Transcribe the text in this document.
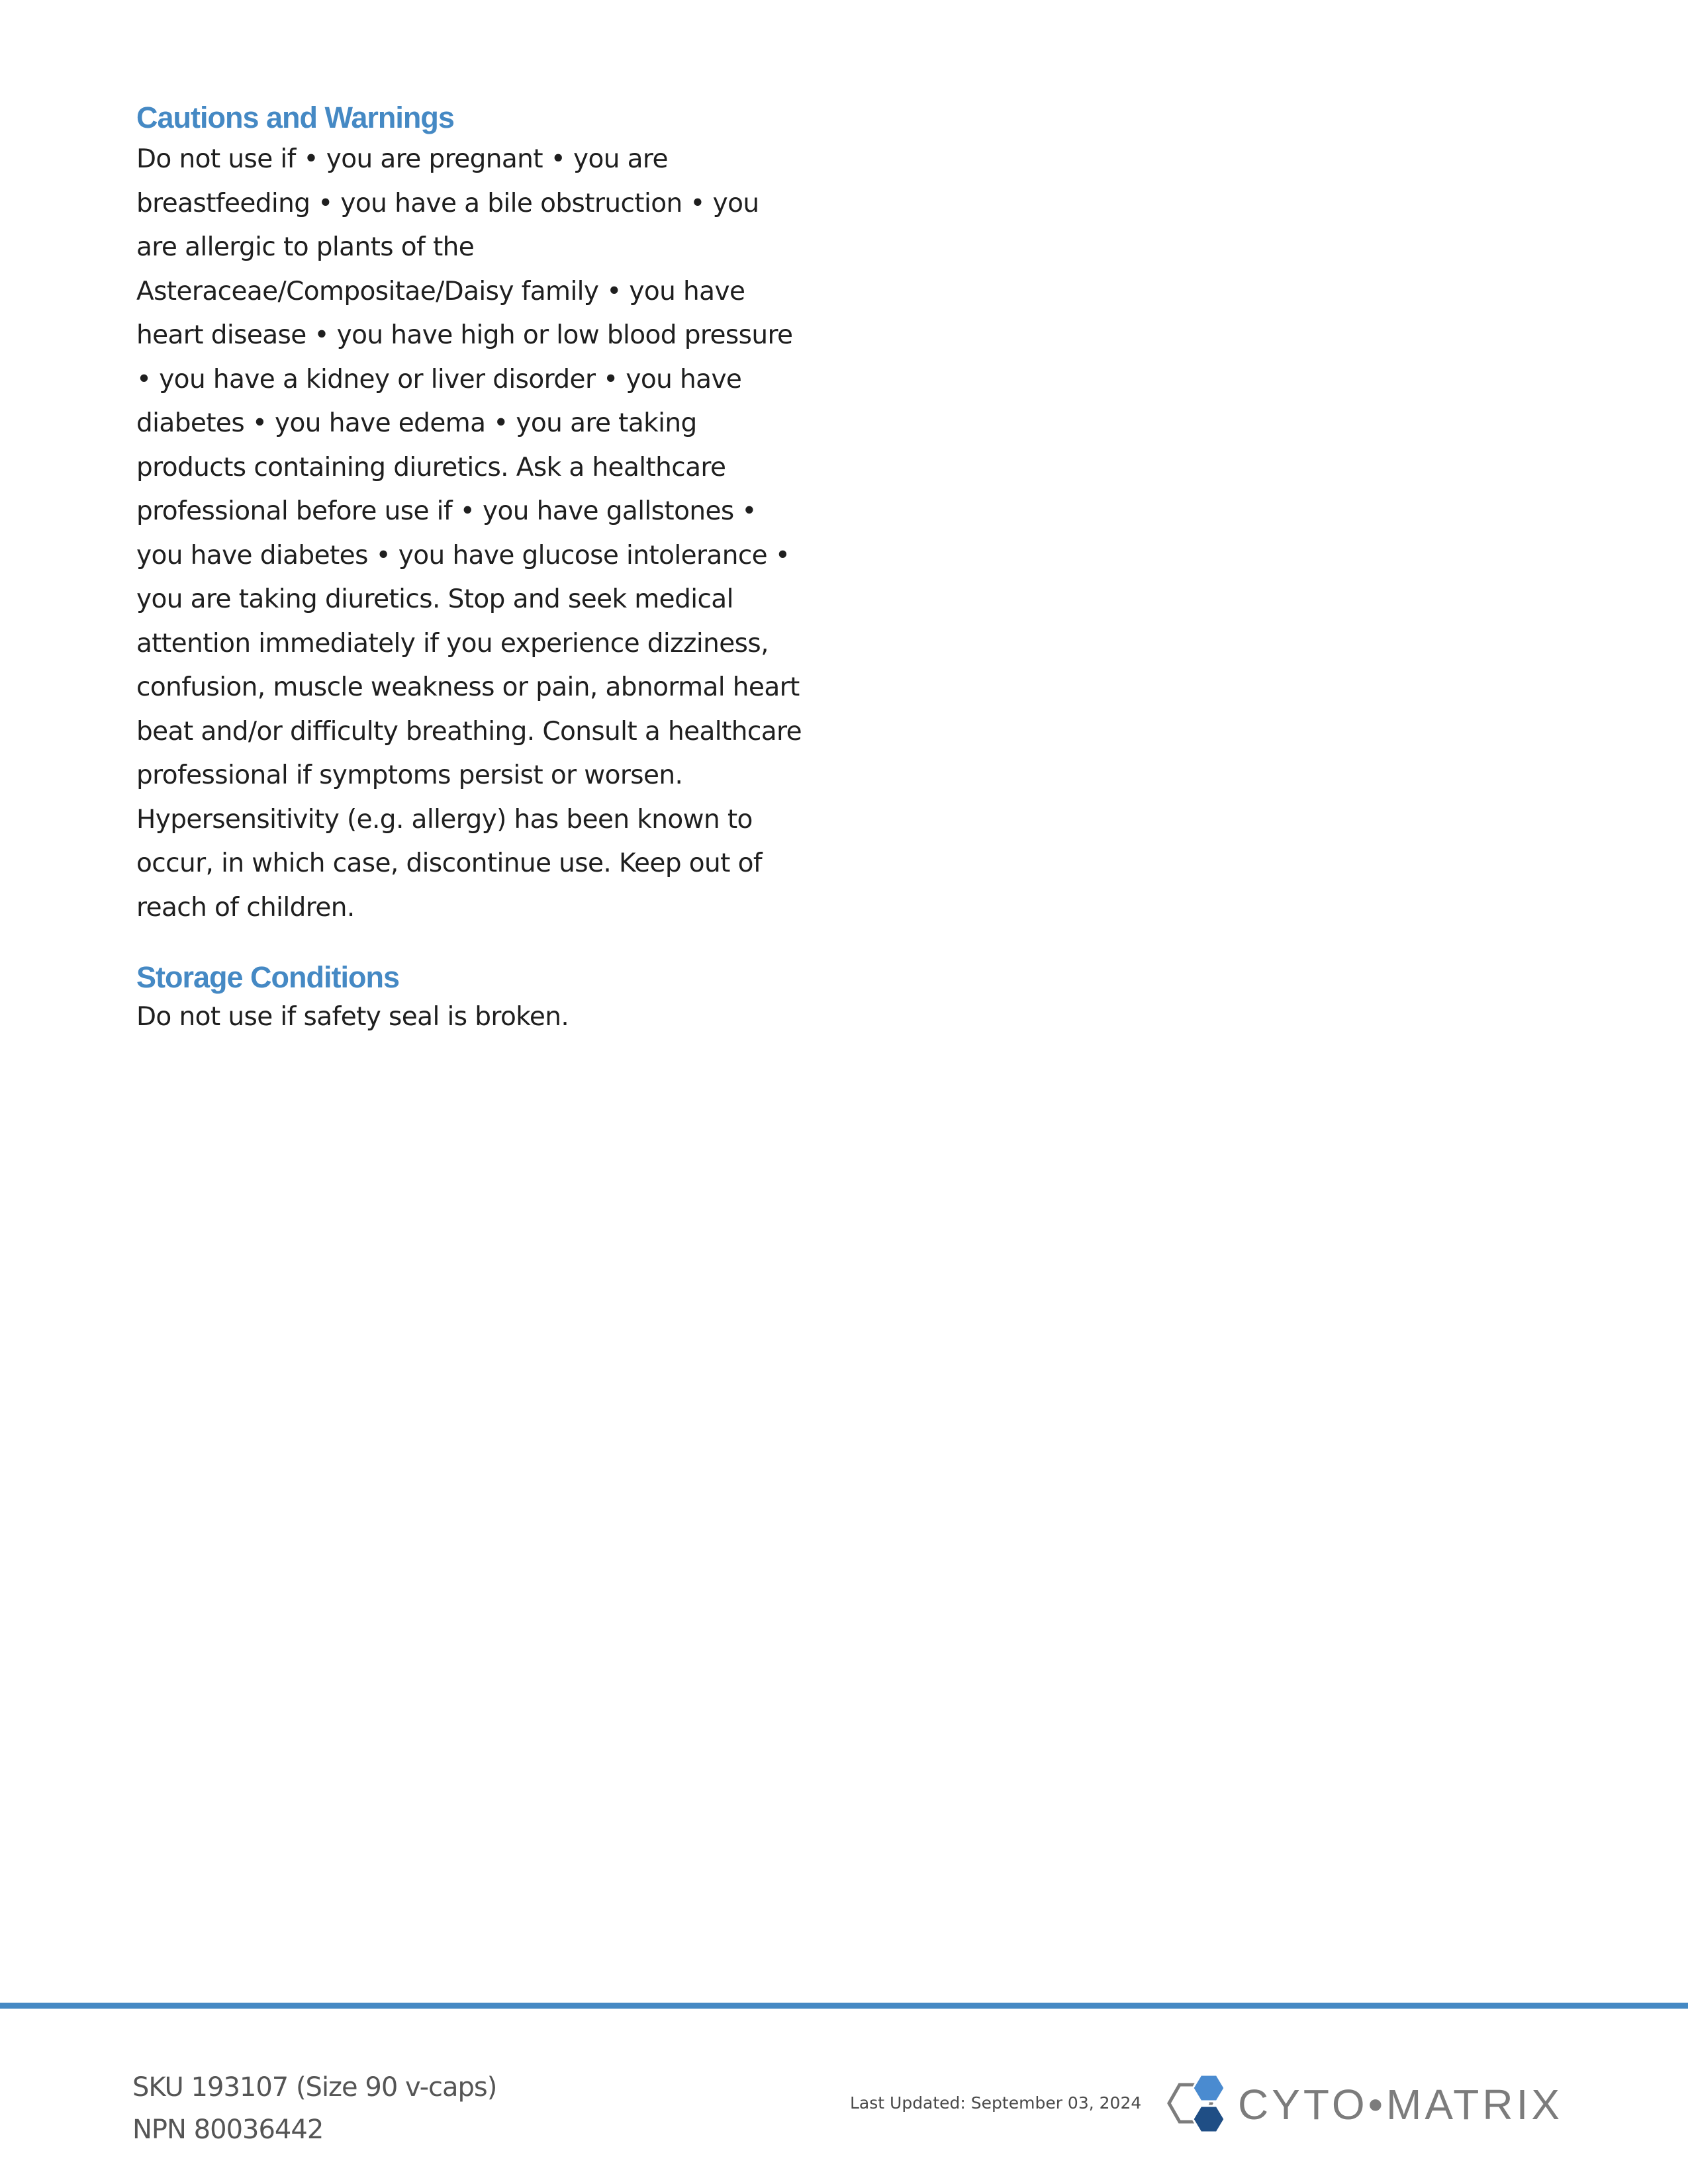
Cautions and Warnings

Do not use if • you are pregnant • you are breastfeeding • you have a bile obstruction • you are allergic to plants of the Asteraceae/Compositae/Daisy family • you have heart disease • you have high or low blood pressure • you have a kidney or liver disorder • you have diabetes • you have edema • you are taking products containing diuretics. Ask a healthcare professional before use if • you have gallstones • you have diabetes • you have glucose intolerance • you are taking diuretics. Stop and seek medical attention immediately if you experience dizziness, confusion, muscle weakness or pain, abnormal heart beat and/or difficulty breathing. Consult a healthcare professional if symptoms persist or worsen. Hypersensitivity (e.g. allergy) has been known to occur, in which case, discontinue use. Keep out of reach of children.

Storage Conditions

Do not use if safety seal is broken.

SKU 193107 (Size 90 v-caps)
NPN 80036442
Last Updated: September 03, 2024 CYTO•MATRIX
